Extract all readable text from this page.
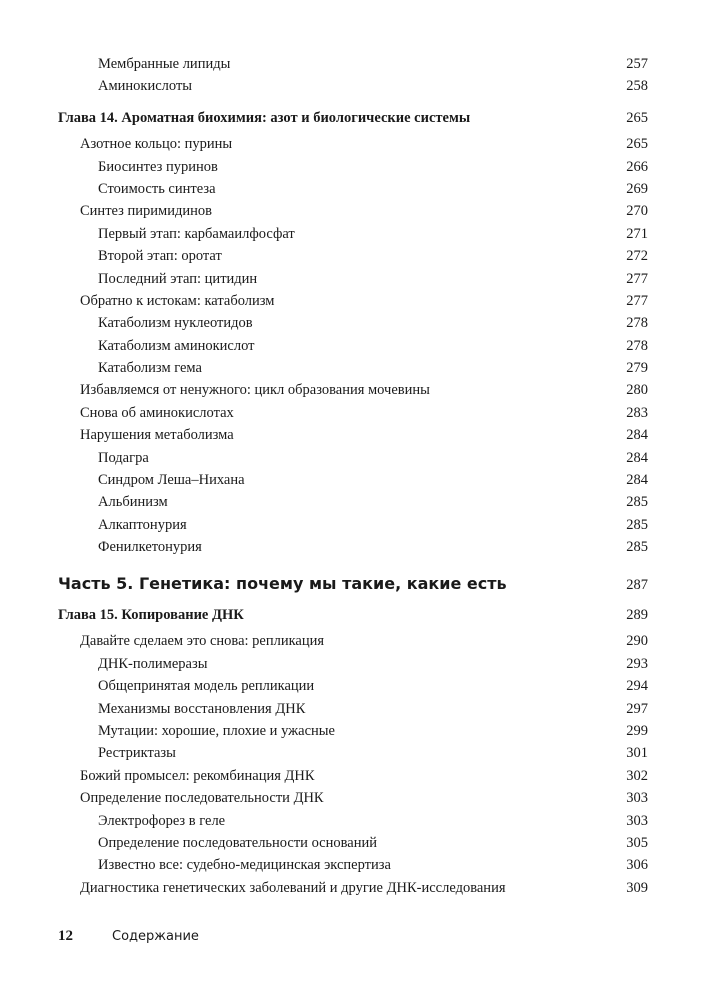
Мембранные липиды	257
Аминокислоты	258
Глава 14. Ароматная биохимия: азот и биологические системы	265
Азотное кольцо: пурины	265
Биосинтез пуринов	266
Стоимость синтеза	269
Синтез пиримидинов	270
Первый этап: карбамаилфосфат	271
Второй этап: оротат	272
Последний этап: цитидин	277
Обратно к истокам: катаболизм	277
Катаболизм нуклеотидов	278
Катаболизм аминокислот	278
Катаболизм гема	279
Избавляемся от ненужного: цикл образования мочевины	280
Снова об аминокислотах	283
Нарушения метаболизма	284
Подагра	284
Синдром Леша–Нихана	284
Альбинизм	285
Алкаптонурия	285
Фенилкетонурия	285
Часть 5. Генетика: почему мы такие, какие есть	287
Глава 15. Копирование ДНК	289
Давайте сделаем это снова: репликация	290
ДНК-полимеразы	293
Общепринятая модель репликации	294
Механизмы восстановления ДНК	297
Мутации: хорошие, плохие и ужасные	299
Рестриктазы	301
Божий промысел: рекомбинация ДНК	302
Определение последовательности ДНК	303
Электрофорез в геле	303
Определение последовательности оснований	305
Известно все: судебно-медицинская экспертиза	306
Диагностика генетических заболеваний и другие ДНК-исследования	309
12	Содержание
